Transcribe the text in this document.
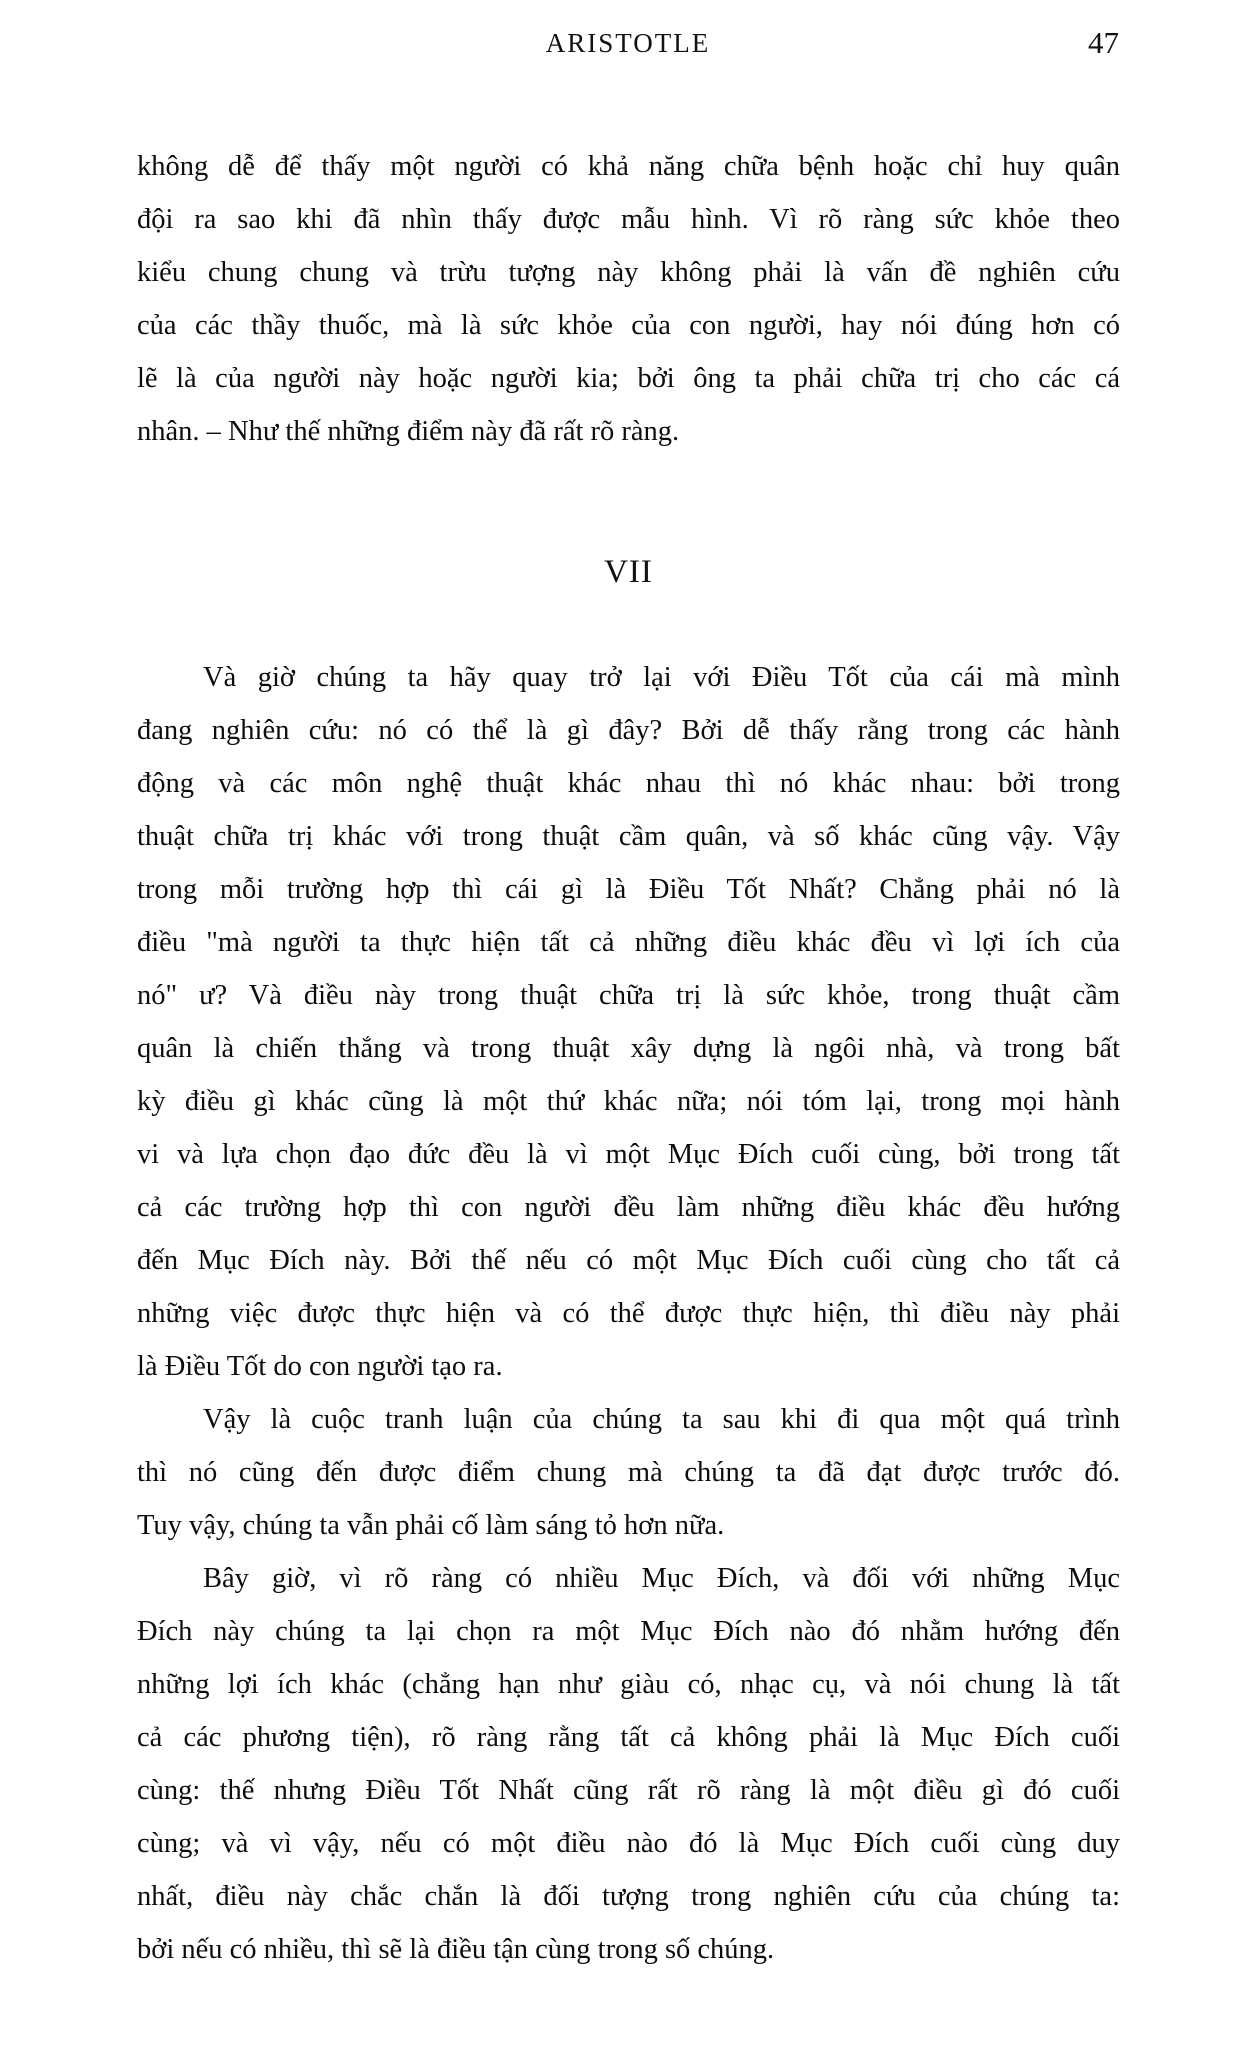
ARISTOTLE	47

không dễ để thấy một người có khả năng chữa bệnh hoặc chỉ huy quân
đội ra sao khi đã nhìn thấy được mẫu hình. Vì rõ ràng sức khỏe theo
kiểu chung chung và trừu tượng này không phải là vấn đề nghiên cứu
của các thầy thuốc, mà là sức khỏe của con người, hay nói đúng hơn có
lẽ là của người này hoặc người kia; bởi ông ta phải chữa trị cho các cá
nhân. – Như thế những điểm này đã rất rõ ràng.

VII

Và giờ chúng ta hãy quay trở lại với Điều Tốt của cái mà mình
đang nghiên cứu: nó có thể là gì đây? Bởi dễ thấy rằng trong các hành
động và các môn nghệ thuật khác nhau thì nó khác nhau: bởi trong
thuật chữa trị khác với trong thuật cầm quân, và số khác cũng vậy. Vậy
trong mỗi trường hợp thì cái gì là Điều Tốt Nhất? Chẳng phải nó là
điều "mà người ta thực hiện tất cả những điều khác đều vì lợi ích của
nó" ư? Và điều này trong thuật chữa trị là sức khỏe, trong thuật cầm
quân là chiến thắng và trong thuật xây dựng là ngôi nhà, và trong bất
kỳ điều gì khác cũng là một thứ khác nữa; nói tóm lại, trong mọi hành
vi và lựa chọn đạo đức đều là vì một Mục Đích cuối cùng, bởi trong tất
cả các trường hợp thì con người đều làm những điều khác đều hướng
đến Mục Đích này. Bởi thế nếu có một Mục Đích cuối cùng cho tất cả
những việc được thực hiện và có thể được thực hiện, thì điều này phải
là Điều Tốt do con người tạo ra.

Vậy là cuộc tranh luận của chúng ta sau khi đi qua một quá trình
thì nó cũng đến được điểm chung mà chúng ta đã đạt được trước đó.
Tuy vậy, chúng ta vẫn phải cố làm sáng tỏ hơn nữa.

Bây giờ, vì rõ ràng có nhiều Mục Đích, và đối với những Mục
Đích này chúng ta lại chọn ra một Mục Đích nào đó nhằm hướng đến
những lợi ích khác (chẳng hạn như giàu có, nhạc cụ, và nói chung là tất
cả các phương tiện), rõ ràng rằng tất cả không phải là Mục Đích cuối
cùng: thế nhưng Điều Tốt Nhất cũng rất rõ ràng là một điều gì đó cuối
cùng; và vì vậy, nếu có một điều nào đó là Mục Đích cuối cùng duy
nhất, điều này chắc chắn là đối tượng trong nghiên cứu của chúng ta:
bởi nếu có nhiều, thì sẽ là điều tận cùng trong số chúng.
